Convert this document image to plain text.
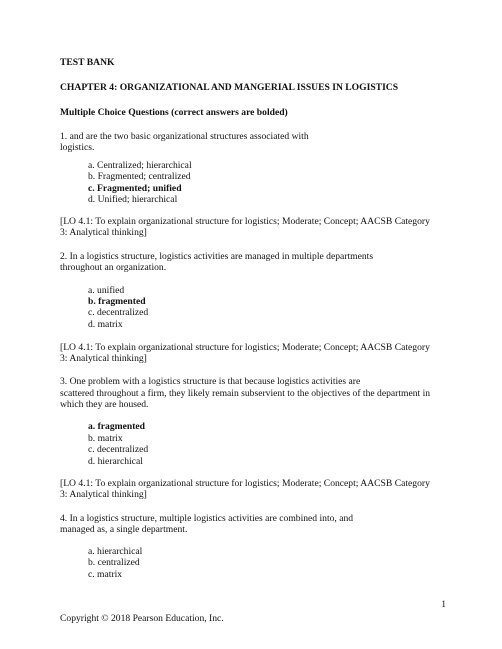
TEST BANK
CHAPTER 4: ORGANIZATIONAL AND MANGERIAL ISSUES IN LOGISTICS
Multiple Choice Questions (correct answers are bolded)
1. and are the two basic organizational structures associated with
logistics.
a. Centralized; hierarchical
b. Fragmented; centralized
c. Fragmented; unified
d. Unified; hierarchical
[LO 4.1: To explain organizational structure for logistics; Moderate; Concept; AACSB Category
3: Analytical thinking]
2. In a logistics structure, logistics activities are managed in multiple departments
throughout an organization.
a. unified
b. fragmented
c. decentralized
d. matrix
[LO 4.1: To explain organizational structure for logistics; Moderate; Concept; AACSB Category
3: Analytical thinking]
3. One problem with a logistics structure is that because logistics activities are
scattered throughout a firm, they likely remain subservient to the objectives of the department in
which they are housed.
a. fragmented
b. matrix
c. decentralized
d. hierarchical
[LO 4.1: To explain organizational structure for logistics; Moderate; Concept; AACSB Category
3: Analytical thinking]
4. In a logistics structure, multiple logistics activities are combined into, and
managed as, a single department.
a. hierarchical
b. centralized
c. matrix
1
Copyright © 2018 Pearson Education, Inc.
